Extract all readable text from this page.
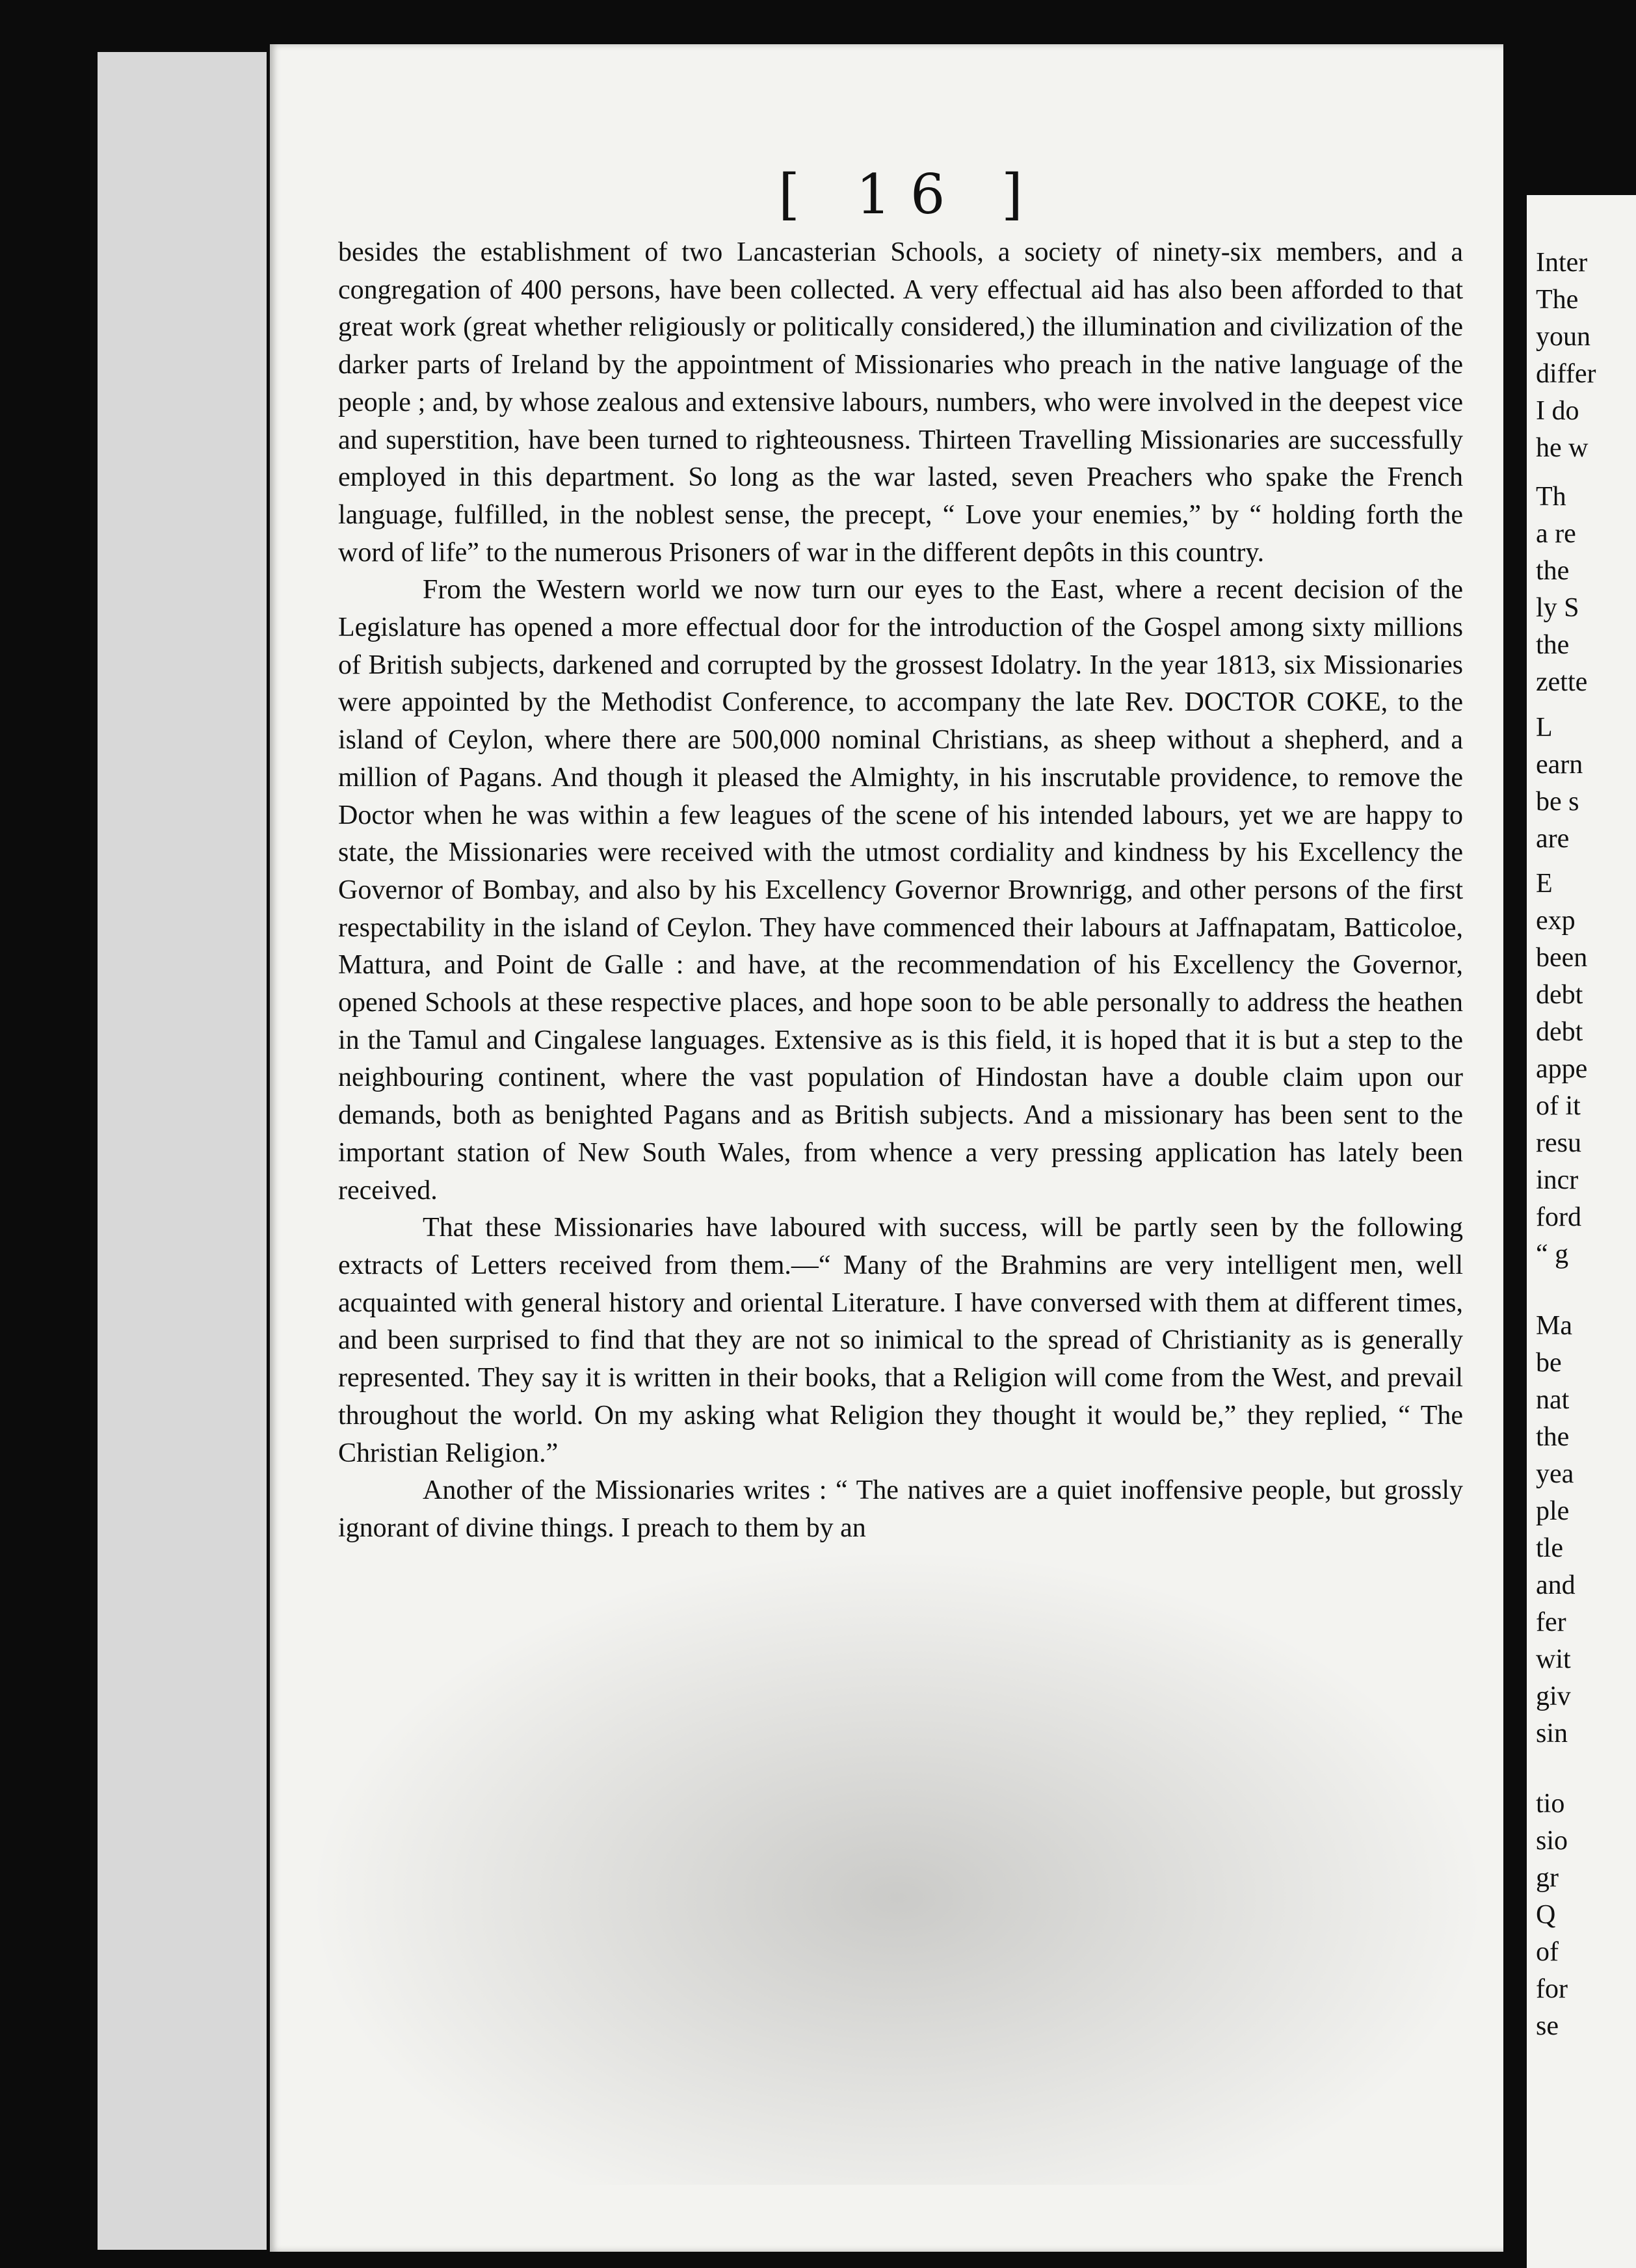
[ 16 ]

besides the establishment of two Lancasterian Schools, a society of ninety-six members, and a congregation of 400 persons, have been collected. A very effectual aid has also been afforded to that great work (great whether religiously or politically considered,) the illumination and civilization of the darker parts of Ireland by the appointment of Missionaries who preach in the native language of the people ; and, by whose zealous and extensive labours, numbers, who were involved in the deepest vice and superstition, have been turned to righteousness. Thirteen Travelling Missionaries are successfully employed in this department. So long as the war lasted, seven Preachers who spake the French language, fulfilled, in the noblest sense, the precept, “ Love your enemies,” by “ holding forth the word of life” to the numerous Prisoners of war in the different depôts in this country.

From the Western world we now turn our eyes to the East, where a recent decision of the Legislature has opened a more effectual door for the introduction of the Gospel among sixty millions of British subjects, darkened and corrupted by the grossest Idolatry. In the year 1813, six Missionaries were appointed by the Methodist Conference, to accompany the late Rev. DOCTOR COKE, to the island of Ceylon, where there are 500,000 nominal Christians, as sheep without a shepherd, and a million of Pagans. And though it pleased the Almighty, in his inscrutable providence, to remove the Doctor when he was within a few leagues of the scene of his intended labours, yet we are happy to state, the Missionaries were received with the utmost cordiality and kindness by his Excellency the Governor of Bombay, and also by his Excellency Governor Brownrigg, and other persons of the first respectability in the island of Ceylon. They have commenced their labours at Jaffnapatam, Batticoloe, Mattura, and Point de Galle : and have, at the recommendation of his Excellency the Governor, opened Schools at these respective places, and hope soon to be able personally to address the heathen in the Tamul and Cingalese languages. Extensive as is this field, it is hoped that it is but a step to the neighbouring continent, where the vast population of Hindostan have a double claim upon our demands, both as benighted Pagans and as British subjects. And a missionary has been sent to the important station of New South Wales, from whence a very pressing application has lately been received.

That these Missionaries have laboured with success, will be partly seen by the following extracts of Letters received from them.—“ Many of the Brahmins are very intelligent men, well acquainted with general history and oriental Literature. I have conversed with them at different times, and been surprised to find that they are not so inimical to the spread of Christianity as is generally represented. They say it is written in their books, that a Religion will come from the West, and prevail throughout the world. On my asking what Religion they thought it would be,” they replied, “ The Christian Religion.”

Another of the Missionaries writes : “ The natives are a quiet inoffensive people, but grossly ignorant of divine things. I preach to them by an

Inter
The
youn
differ
I do
he w
Th
a re
the
ly S
the
zette
L
earn
be s
are
E
exp
been
debt
debt
appe
of it
resu
incr
ford
“ g
Ma
be
nat
the
yea
ple
tle
and
fer
wit
giv
sin
tio
sio
gr
Q
of
for
se
